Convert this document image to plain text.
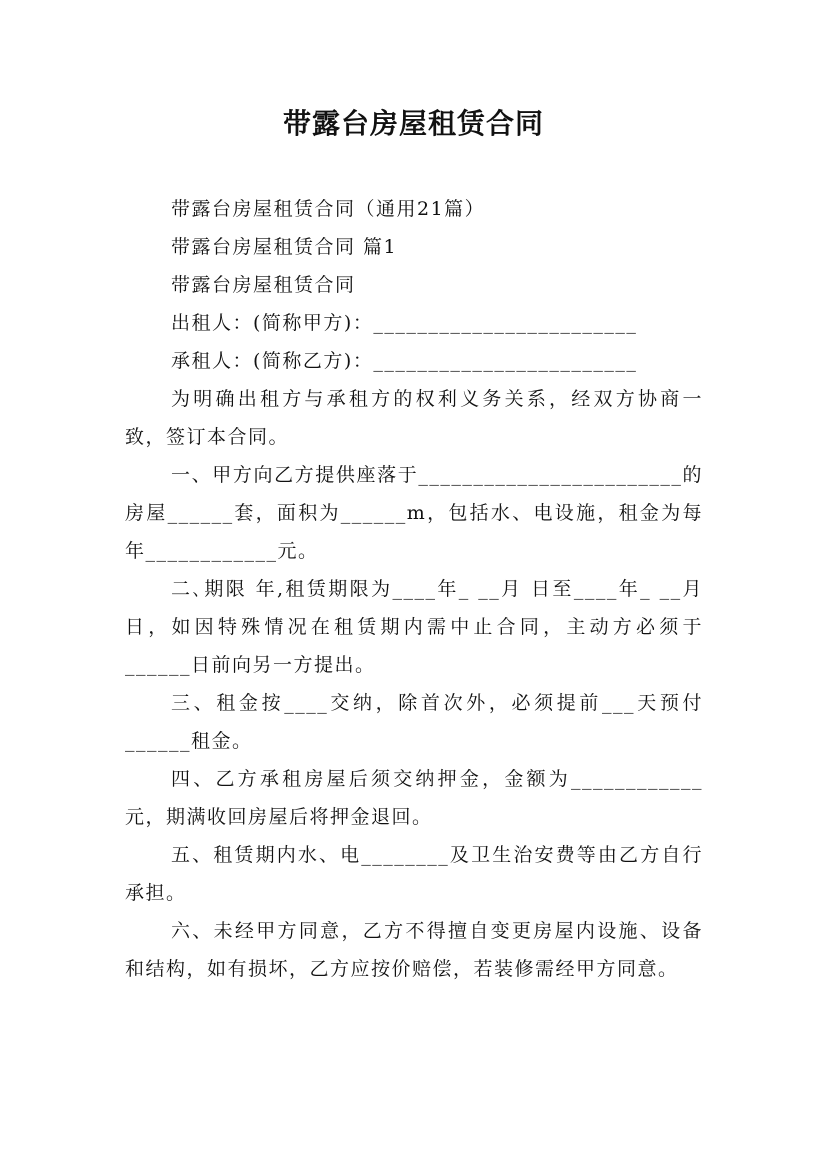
带露台房屋租赁合同
带露台房屋租赁合同（通用21篇）
带露台房屋租赁合同 篇1
带露台房屋租赁合同
出租人：(简称甲方)：________________________
承租人：(简称乙方)：________________________

为明确出租方与承租方的权利义务关系，经双方协商一致，签订本合同。

一、甲方向乙方提供座落于________________________的房屋______套，面积为______m，包括水、电设施，租金为每年____________元。

二､期限 年,租赁期限为____年_ __月 日至____年_ __月 日，如因特殊情况在租赁期内需中止合同，主动方必须于______日前向另一方提出。

三、租金按____交纳，除首次外，必须提前___天预付______租金。

四、乙方承租房屋后须交纳押金，金额为____________元，期满收回房屋后将押金退回。

五、租赁期内水、电________及卫生治安费等由乙方自行承担。

六、未经甲方同意，乙方不得擅自变更房屋内设施、设备和结构，如有损坏，乙方应按价赔偿，若装修需经甲方同意。
